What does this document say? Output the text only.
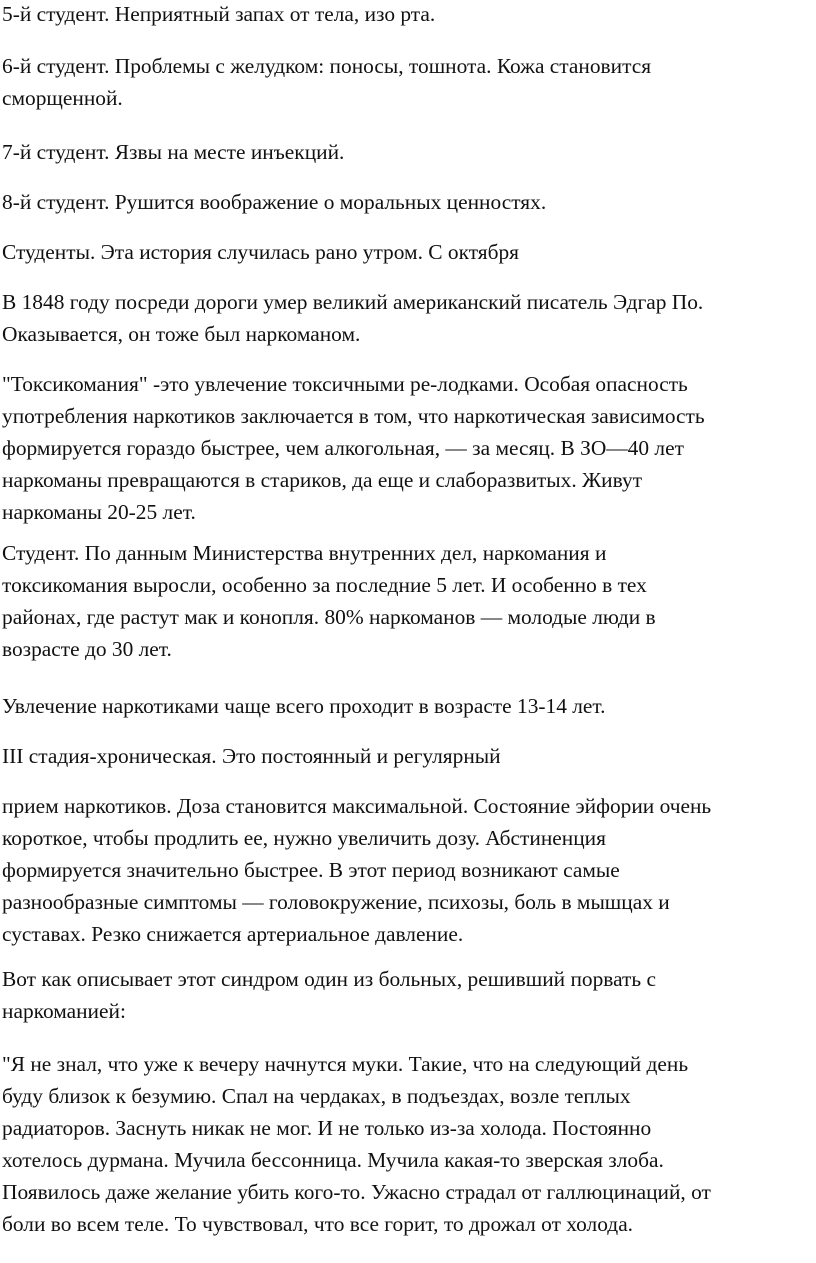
5-й студент. Неприятный запах от тела, изо рта.

6-й студент. Проблемы с желудком: поносы, тошнота. Кожа становится
сморщенной.

7-й студент. Язвы на месте инъекций.

8-й студент. Рушится воображение о моральных ценностях.

Студенты. Эта история случилась рано утром. С октября

В 1848 году посреди дороги умер великий американский писатель Эдгар По.
Оказывается, он тоже был наркоманом.

"Токсикомания" -это увлечение токсичными ре-лодками. Особая опасность
употребления наркотиков заключается в том, что наркотическая зависимость
формируется гораздо быстрее, чем алкогольная, — за месяц. В ЗО—40 лет
наркоманы превращаются в стариков, да еще и слаборазвитых. Живут
наркоманы 20-25 лет.

Студент. По данным Министерства внутренних дел, наркомания и
токсикомания выросли, особенно за последние 5 лет. И особенно в тех
районах, где растут мак и конопля. 80% наркоманов — молодые люди в
возрасте до 30 лет.

Увлечение наркотиками чаще всего проходит в возрасте 13-14 лет.

III стадия-хроническая. Это постоянный и регулярный

прием наркотиков. Доза становится максимальной. Состояние эйфории очень
короткое, чтобы продлить ее, нужно увеличить дозу. Абстиненция
формируется значительно быстрее. В этот период возникают самые
разнообразные симптомы — головокружение, психозы, боль в мышцах и
суставах. Резко снижается артериальное давление.

Вот как описывает этот синдром один из больных, решивший порвать с
наркоманией:

"Я не знал, что уже к вечеру начнутся муки. Такие, что на следующий день
буду близок к безумию. Спал на чердаках, в подъездах, возле теплых
радиаторов. Заснуть никак не мог. И не только из-за холода. Постоянно
хотелось дурмана. Мучила бессонница. Мучила какая-то зверская злоба.
Появилось даже желание убить кого-то. Ужасно страдал от галлюцинаций, от
боли во всем теле. То чувствовал, что все горит, то дрожал от холода.
